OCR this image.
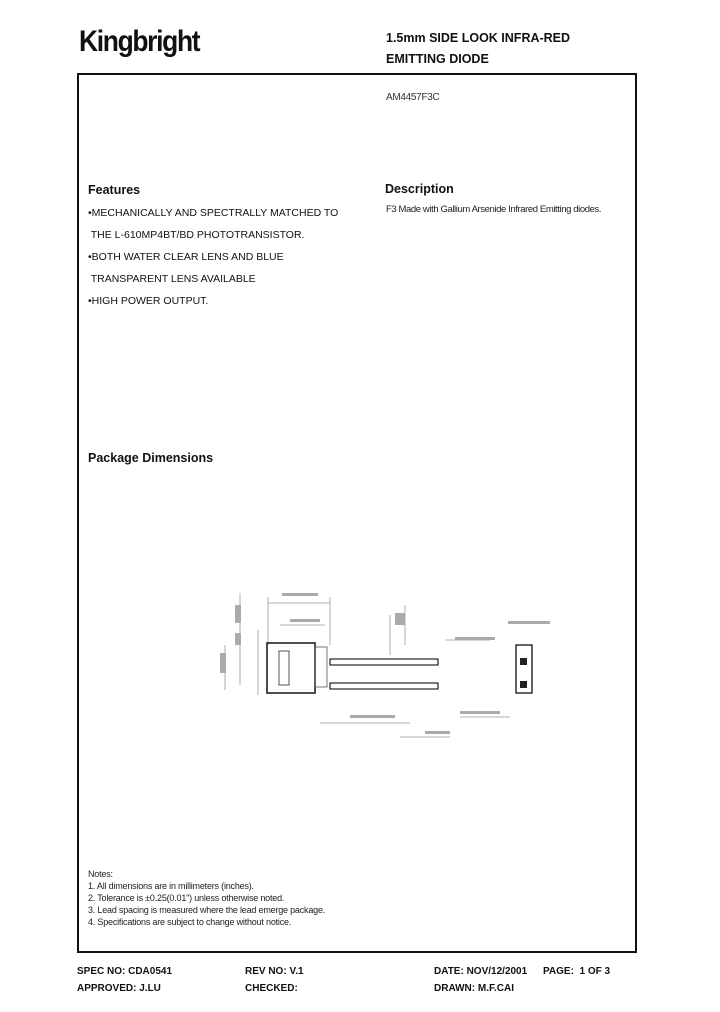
Kingbright	1.5mm SIDE LOOK INFRA-RED
EMITTING DIODE
AM4457F3C
Features
•MECHANICALLY AND SPECTRALLY MATCHED TO
THE L-610MP4BT/BD PHOTOTRANSISTOR.
•BOTH WATER CLEAR LENS AND BLUE
TRANSPARENT LENS AVAILABLE
•HIGH POWER OUTPUT.
Description
F3 Made with Gallium Arsenide Infrared Emitting diodes.
Package Dimensions
Notes:
1. All dimensions are in millimeters (inches).
2. Tolerance is ±0.25(0.01") unless otherwise noted.
3. Lead spacing is measured where the lead emerge package.
4. Specifications are subject to change without notice.
SPEC NO: CDA0541	REV NO: V.1	DATE: NOV/12/2001 PAGE:  1 OF 3
APPROVED: J.LU	CHECKED:	DRAWN: M.F.CAI
